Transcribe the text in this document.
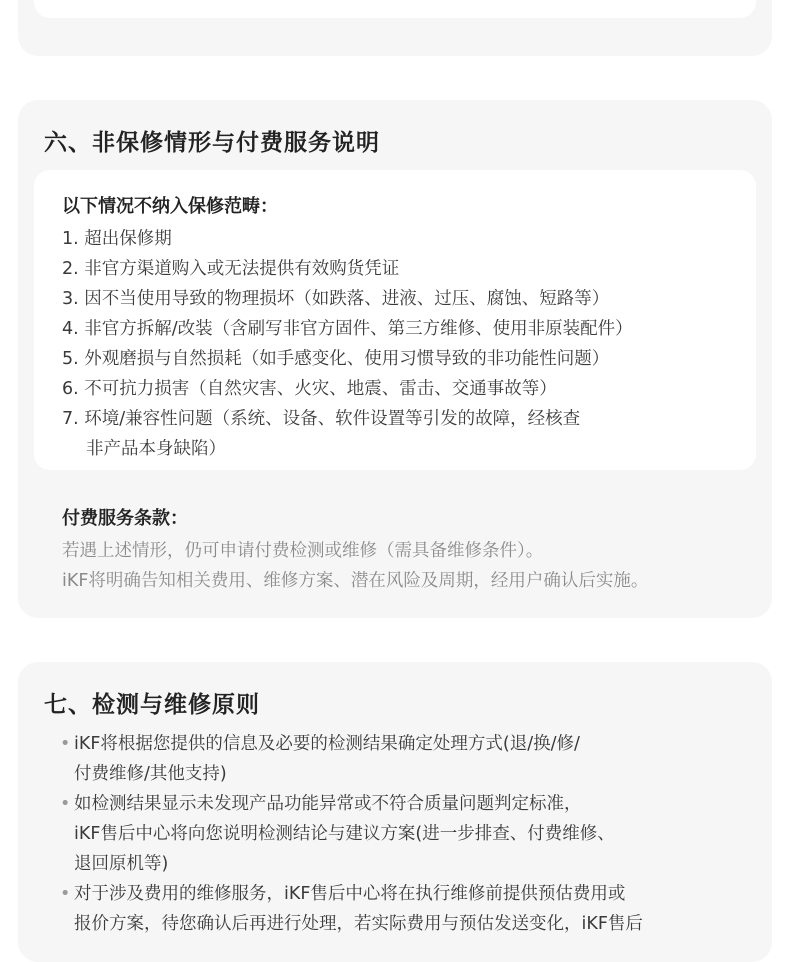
六、非保修情形与付费服务说明
以下情况不纳入保修范畴：
1. 超出保修期
2. 非官方渠道购入或无法提供有效购货凭证
3. 因不当使用导致的物理损坏（如跌落、进液、过压、腐蚀、短路等）
4. 非官方拆解/改装（含刷写非官方固件、第三方维修、使用非原装配件）
5. 外观磨损与自然损耗（如手感变化、使用习惯导致的非功能性问题）
6. 不可抗力损害（自然灾害、火灾、地震、雷击、交通事故等）
7. 环境/兼容性问题（系统、设备、软件设置等引发的故障，经核查
非产品本身缺陷）
付费服务条款：
若遇上述情形，仍可申请付费检测或维修（需具备维修条件）。
iKF将明确告知相关费用、维修方案、潜在风险及周期，经用户确认后实施。
七、检测与维修原则
• iKF将根据您提供的信息及必要的检测结果确定处理方式(退/换/修/
付费维修/其他支持)
• 如检测结果显示未发现产品功能异常或不符合质量问题判定标准，
iKF售后中心将向您说明检测结论与建议方案(进一步排查、付费维修、
退回原机等)
• 对于涉及费用的维修服务，iKF售后中心将在执行维修前提供预估费用或
报价方案，待您确认后再进行处理，若实际费用与预估发送变化，iKF售后
